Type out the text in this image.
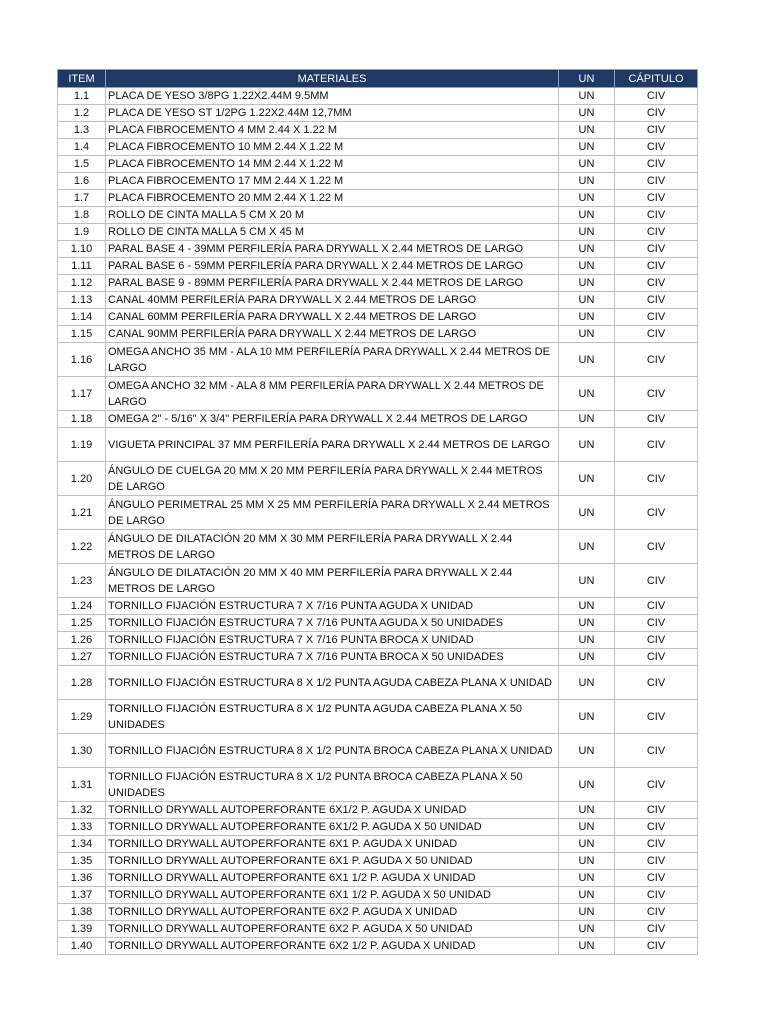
ITEM	MATERIALES	UN	CÁPITULO
1.1	PLACA DE YESO 3/8PG 1.22X2.44M 9.5MM	UN	CIV
1.2	PLACA DE YESO ST 1/2PG 1.22X2.44M 12,7MM	UN	CIV
1.3	PLACA FIBROCEMENTO 4 MM 2.44 X 1.22 M	UN	CIV
1.4	PLACA FIBROCEMENTO 10 MM 2.44 X 1.22 M	UN	CIV
1.5	PLACA FIBROCEMENTO 14 MM 2.44 X 1.22 M	UN	CIV
1.6	PLACA FIBROCEMENTO 17 MM 2.44 X 1.22 M	UN	CIV
1.7	PLACA FIBROCEMENTO 20 MM 2.44 X 1.22 M	UN	CIV
1.8	ROLLO DE CINTA MALLA 5 CM X 20 M	UN	CIV
1.9	ROLLO DE CINTA MALLA 5 CM X 45 M	UN	CIV
1.10	PARAL BASE 4 - 39MM PERFILERÍA PARA DRYWALL X 2.44 METROS DE LARGO	UN	CIV
1.11	PARAL BASE 6 - 59MM PERFILERÍA PARA DRYWALL X 2.44 METROS DE LARGO	UN	CIV
1.12	PARAL BASE 9 - 89MM PERFILERÍA PARA DRYWALL X 2.44 METROS DE LARGO	UN	CIV
1.13	CANAL 40MM PERFILERÍA PARA DRYWALL X 2.44 METROS DE LARGO	UN	CIV
1.14	CANAL 60MM PERFILERÍA PARA DRYWALL X 2.44 METROS DE LARGO	UN	CIV
1.15	CANAL 90MM PERFILERÍA PARA DRYWALL X 2.44 METROS DE LARGO	UN	CIV
1.16	OMEGA ANCHO 35 MM - ALA 10 MM PERFILERÍA PARA DRYWALL X 2.44 METROS DE LARGO	UN	CIV
1.17	OMEGA ANCHO 32 MM - ALA 8 MM PERFILERÍA PARA DRYWALL X 2.44 METROS DE LARGO	UN	CIV
1.18	OMEGA 2" - 5/16" X 3/4" PERFILERÍA PARA DRYWALL X 2.44 METROS DE LARGO	UN	CIV
1.19	VIGUETA PRINCIPAL 37 MM PERFILERÍA PARA DRYWALL X 2.44 METROS DE LARGO	UN	CIV
1.20	ÁNGULO DE CUELGA 20 MM X 20 MM PERFILERÍA PARA DRYWALL X 2.44 METROS DE LARGO	UN	CIV
1.21	ÁNGULO PERIMETRAL 25 MM X 25 MM PERFILERÍA PARA DRYWALL X 2.44 METROS DE LARGO	UN	CIV
1.22	ÁNGULO DE DILATACIÓN 20 MM X 30 MM PERFILERÍA PARA DRYWALL X 2.44 METROS DE LARGO	UN	CIV
1.23	ÁNGULO DE DILATACIÓN 20 MM X 40 MM PERFILERÍA PARA DRYWALL X 2.44 METROS DE LARGO	UN	CIV
1.24	TORNILLO FIJACIÓN ESTRUCTURA 7 X 7/16 PUNTA AGUDA X UNIDAD	UN	CIV
1.25	TORNILLO FIJACIÓN ESTRUCTURA 7 X 7/16 PUNTA AGUDA X 50 UNIDADES	UN	CIV
1.26	TORNILLO FIJACIÓN ESTRUCTURA 7 X 7/16 PUNTA BROCA X UNIDAD	UN	CIV
1.27	TORNILLO FIJACIÓN ESTRUCTURA 7 X 7/16 PUNTA BROCA X 50 UNIDADES	UN	CIV
1.28	TORNILLO FIJACIÓN ESTRUCTURA 8 X 1/2 PUNTA AGUDA CABEZA PLANA X UNIDAD	UN	CIV
1.29	TORNILLO FIJACIÓN ESTRUCTURA 8 X 1/2 PUNTA AGUDA CABEZA PLANA X 50 UNIDADES	UN	CIV
1.30	TORNILLO FIJACIÓN ESTRUCTURA 8 X 1/2 PUNTA BROCA CABEZA PLANA X UNIDAD	UN	CIV
1.31	TORNILLO FIJACIÓN ESTRUCTURA 8 X 1/2 PUNTA BROCA CABEZA PLANA X 50 UNIDADES	UN	CIV
1.32	TORNILLO DRYWALL AUTOPERFORANTE 6X1/2 P. AGUDA X UNIDAD	UN	CIV
1.33	TORNILLO DRYWALL AUTOPERFORANTE 6X1/2 P. AGUDA X 50 UNIDAD	UN	CIV
1.34	TORNILLO DRYWALL AUTOPERFORANTE 6X1 P. AGUDA X UNIDAD	UN	CIV
1.35	TORNILLO DRYWALL AUTOPERFORANTE 6X1 P. AGUDA X 50 UNIDAD	UN	CIV
1.36	TORNILLO DRYWALL AUTOPERFORANTE 6X1 1/2 P. AGUDA X UNIDAD	UN	CIV
1.37	TORNILLO DRYWALL AUTOPERFORANTE 6X1 1/2 P. AGUDA X 50 UNIDAD	UN	CIV
1.38	TORNILLO DRYWALL AUTOPERFORANTE 6X2 P. AGUDA X UNIDAD	UN	CIV
1.39	TORNILLO DRYWALL AUTOPERFORANTE 6X2 P. AGUDA X 50 UNIDAD	UN	CIV
1.40	TORNILLO DRYWALL AUTOPERFORANTE 6X2 1/2 P. AGUDA X UNIDAD	UN	CIV
